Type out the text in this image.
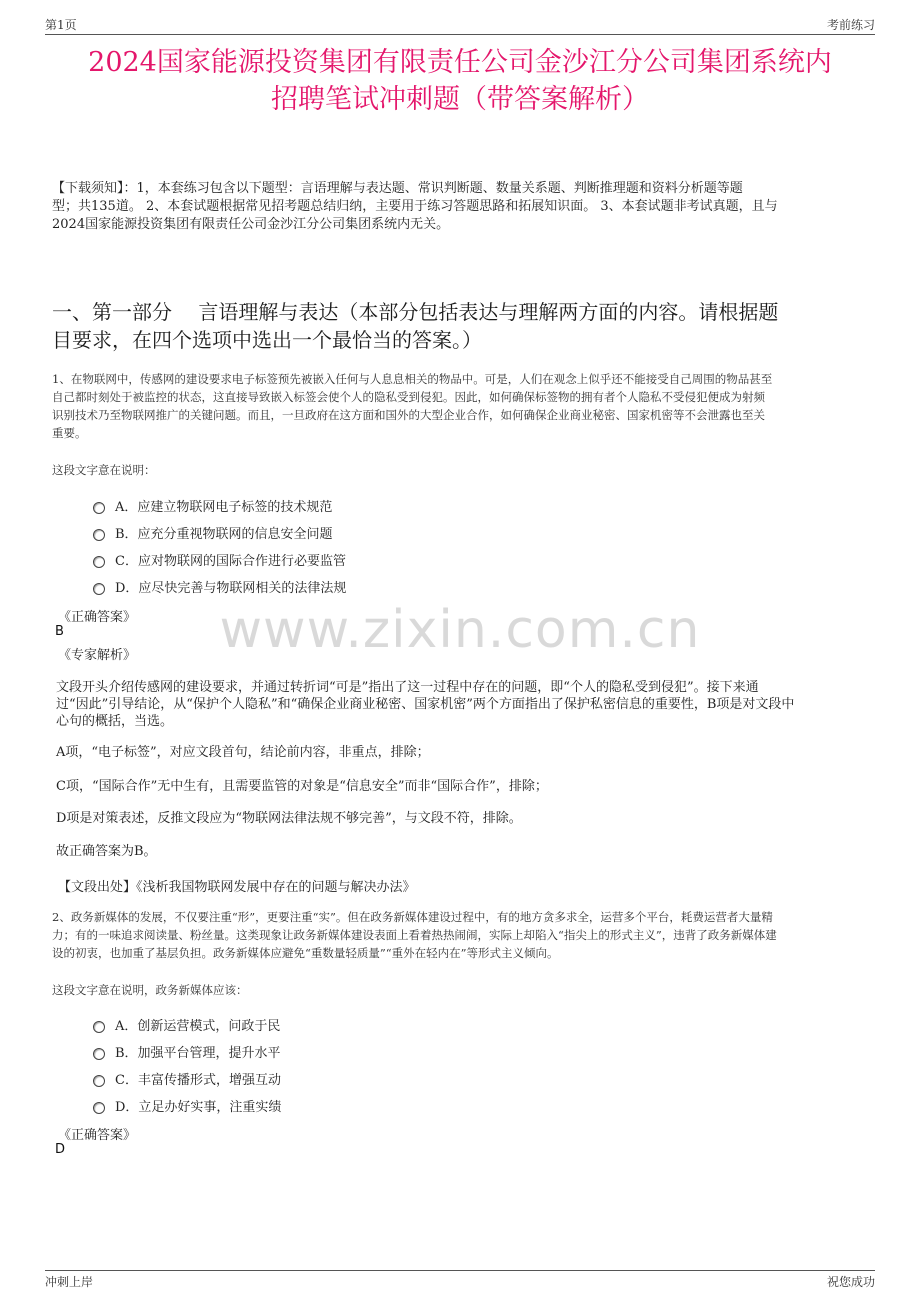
第1页	考前练习
2024国家能源投资集团有限责任公司金沙江分公司集团系统内
招聘笔试冲刺题（带答案解析）
【下载须知】：1，本套练习包含以下题型：言语理解与表达题、常识判断题、数量关系题、判断推理题和资料分析题等题
型；共135道。 2、本套试题根据常见招考题总结归纳，主要用于练习答题思路和拓展知识面。 3、本套试题非考试真题，且与
2024国家能源投资集团有限责任公司金沙江分公司集团系统内无关。
一、第一部分　 言语理解与表达（本部分包括表达与理解两方面的内容。请根据题
目要求，在四个选项中选出一个最恰当的答案。）
1、在物联网中，传感网的建设要求电子标签预先被嵌入任何与人息息相关的物品中。可是，人们在观念上似乎还不能接受自己周围的物品甚至
自己都时刻处于被监控的状态，这直接导致嵌入标签会使个人的隐私受到侵犯。因此，如何确保标签物的拥有者个人隐私不受侵犯便成为射频
识别技术乃至物联网推广的关键问题。而且，一旦政府在这方面和国外的大型企业合作，如何确保企业商业秘密、国家机密等不会泄露也至关
重要。
这段文字意在说明：
A．应建立物联网电子标签的技术规范
B．应充分重视物联网的信息安全问题
C．应对物联网的国际合作进行必要监管
D．应尽快完善与物联网相关的法律法规
《正确答案》
B
《专家解析》	www.zixin.com.cn
文段开头介绍传感网的建设要求，并通过转折词“可是”指出了这一过程中存在的问题，即“个人的隐私受到侵犯”。接下来通
过“因此”引导结论，从“保护个人隐私”和“确保企业商业秘密、国家机密”两个方面指出了保护私密信息的重要性，B项是对文段中
心句的概括，当选。
A项，“电子标签”，对应文段首句，结论前内容，非重点，排除；
C项，“国际合作”无中生有，且需要监管的对象是“信息安全”而非“国际合作”，排除；
D项是对策表述，反推文段应为“物联网法律法规不够完善”，与文段不符，排除。
故正确答案为B。
【文段出处】《浅析我国物联网发展中存在的问题与解决办法》
2、政务新媒体的发展，不仅要注重“形”，更要注重“实”。但在政务新媒体建设过程中，有的地方贪多求全，运营多个平台，耗费运营者大量精
力；有的一味追求阅读量、粉丝量。这类现象让政务新媒体建设表面上看着热热闹闹，实际上却陷入“指尖上的形式主义”，违背了政务新媒体建
设的初衷，也加重了基层负担。政务新媒体应避免“重数量轻质量”“重外在轻内在”等形式主义倾向。
这段文字意在说明，政务新媒体应该：
A．创新运营模式，问政于民
B．加强平台管理，提升水平
C．丰富传播形式，增强互动
D．立足办好实事，注重实绩
《正确答案》
D
冲刺上岸	祝您成功
